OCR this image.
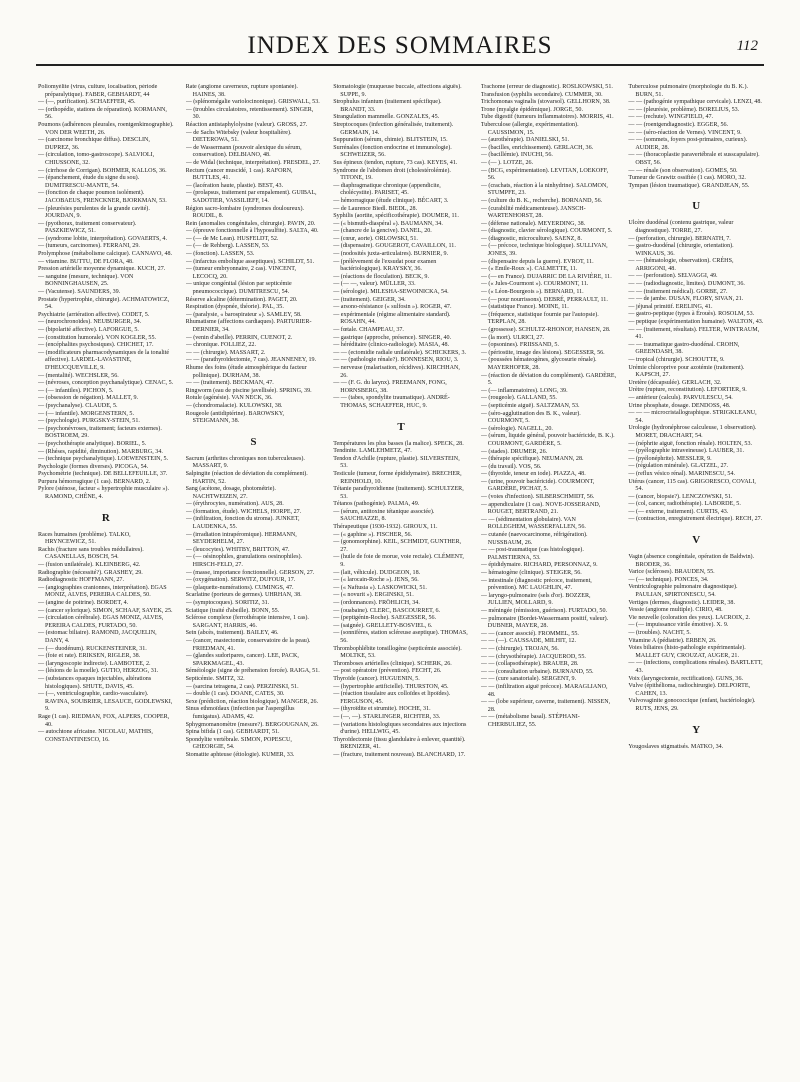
INDEX DES SOMMAIRES	112

Poliomyélite (virus, culture, localisation, période préparalytique). FABER, GEBHARDT, 44

— (—, purification). SCHAEFFER, 45.

— (orthopédie, stations de réparation). KORMANN, 56.

Poumons (adhérences pleurales, roentgenkimographie). VON DER WEETH, 26.

— (carcinome bronchique diffus). DESCLIN, DUPREZ, 36.

— (circulation, tomo-gastroscope). SALVIOLI, CHIUSSONE, 32.

— (cirrhose de Corrigan). BOHMER, KALLOS, 36.

— (épanchement, étude du signe du sou). DUMITRESCU-MANTE, 54.

— (fonction de chaque poumon isolément). JACOBAEUS, FRENCKNER, BJORKMAN, 53.

— (pleurésies purulentes de la grande cavité). JOURDAN, 9.

— (pyothorax, traitement conservateur). PASZKIEWICZ, 51.

— (syndrome lobite, interprétation). GOVAERTS, 4.

— (tumeurs, carcinomes). FERRANI, 29.

Prolymphose (métabolisme calcique). CANNAVO, 48.

— vitamine. BUTTU, DE FLORA, 48.

Pression artérielle moyenne dynamique. KUCH, 27.

— sanguine (mesure, technique). VON BONNINGHAUSEN, 25.

— (Vacutense). SAUNDERS, 39.

Prostate (hypertrophie, chirurgie). ACHMATOWICZ, 54.

Psychiatrie (arriération affective). CODET, 5.

— (neurochronoïdes). NEUBURGER, 34.

— (bipolarité affective). LAFORGUE, 5.

— (constitution humorale). VON KOGLER, 55.

— (encéphalites psychosiques). CHICHET, 17.

— (modificateurs pharmacodynamiques de la tonalité affective). LARDEL-LAVASTINE, D'HEUCQUEVILLE, 9.

— (mentalité). WECHSLER, 56.

— (névroses, conception psychanalytique). CENAC, 5.

— (— infantiles). PICHON, 5.

— (obsession de négation). MALLET, 9.

— (psychanalyse). CLAUDE, 5.

— (— infantile). MORGENSTERN, 5.

— (psychologie). PURGSKY-STEIN, 51.

— (psychonévroses, traitement; facteurs externes). BOSTROEM, 29.

— (psychothérapie analytique). BORIEL, 5.

— (Rhéses, rapidité, diminution). MARBURG, 34.

— (technique psychanalytique). LOEWENSTEIN, 5.

Psychologie (formes diverses). PICOGA, 54.

Psychométrie (technique). DE BELLEFEUILLE, 37.

Purpura hémorragique (1 cas). BERNARD, 2.

Pylore (sténose, facteur « hypertrophie musculaire »). RAMOND, CHÊNE, 4.

R

Races humaines (problème). TALKO, HRYNCEWICZ, 51.

Rachis (fracture sans troubles médullaires). CASANELLAS, BOSCH, 54.

— (fusion unilatérale). KLEINBERG, 42.

Radiographie (nécessité?). GRASHEY, 29.

Radiodiagnostic HOFFMANN, 27.

— (angiographies cranionnes, interprétation). EGAS MONIZ, ALVES, PEREIRA CALDES, 50.

— (angine de poitrine). BORDET, 4.

— (cancer sylorique). SIMON, SCHAAF, SAYEK, 25.

— (circulation cérébrale). EGAS MONIZ, ALVES, PEREIRA CALDES, FURTADO, 50.

— (estomac biliaire). RAMOND, JACQUELIN, DANY, 4.

— (— duodénum). RUCKENSTEINER, 31.

— (foie et rate). ERIKSEN, RIGLER, 38.

— (laryngoscopie indirecte). LAMBOTEE, 2.

— (lésions de la moelle). GUTIO, HERZOG, 31.

— (substances opaques injectables, altérations histologiques). SHUTE, DAVIS, 45.

— (—, ventriculographie, cardio-vasculaire). RAVINA, SOUBRIER, LESAUCE, GODLEWSKI, 9.

Rage (1 cas). RIEDMAN, FOX, ALPERS, COOPER, 40.

— autochtone africaine. NICOLAU, MATHIS, CONSTANTINESCO, 16.

Rate (angiome caverneux, rupture spontanée). HAINES, 38.

— (splénomégalie variolocinonique). GRISWALL, 53.

— (troubles circulatoires, retentissement). SINGER, 30.

Réaction antistaphylolysine (valeur). GROSS, 27.

— de Sachs Witebsky (valeur hospitalière). DIETEROWA, 51.

— de Wassermann (pouvoir alexique du sérum, conservation). DELBIANO, 48.

— de Widal (technique, interprétation). FRESDEL, 27.

Rectum (cancer muscidé, 1 cas). RAFORN, BUTTLES, 41.

— (lacération haute, plastie). BEST, 43.

— (prolapsus, traitement par empalement). GUIBAL, SADOTIER, VASSILIEFF, 14.

Région sacro-lombaire (syndromes douloureux). ROUDIL, 8.

Rein (anomalies congénitales, chirurgie). PAVIN, 20.

— (épreuve fonctionnelle à l'hyposulfite). SALTA, 40.

— (— de Mc Lean). HUSFELDT, 52.

— (— de Rehberg). LASSEN, 53.

— (fonction). LASSEN, 53.

— (infarctus embolique asseptiques). SCHILDT, 51.

— (tumeur embryonnaire, 2 cas). VINCENT, LECOCQ, 20.

— unique congénital (lésion par septicémie pneumococcique). DUMITRESCU, 54.

Réserve alcaline (détermination). PAGET, 20.

Respiration (dyspnée, théorie). PAL, 35.

— (paralysie, « barospirateur »). SAMLEY, 58.

Rhumatisme (affections cardiaques). PARTURIER-DERNIER, 34.

— (venin d'abeille). PERRIN, CUENOT, 2.

— chronique. FOLLIEZ, 22.

— — (chirurgie). MASSART, 2.

— — (parathyroïdectomie, 7 cas). JEANNENEY, 19.

Rhume des foins (étude atmosphérique du facteur pollinique). DURHAM, 38.

— — (traitement). BECKMAN, 47.

Ringworm (eau de piscine javellisée). SPRING, 39.

Rotule (agénésie). VAN NECK, 36.

— (chondromalacie). KULOWSKI, 38.

Rougeole (antidiptérine). BAROWSKY, STEIGMANN, 38.

S

Sacrum (arthrites chroniques non tuberculeuses). MASSART, 9.

Salpingite (réaction de déviation du complément). HARTIN, 52.

Sang (acétone, dosage, photométrie). NACHTWEIZEN, 27.

— (érythrocytes, numération). AUS, 28.

— (formation, étude). WICHELS, HORPE, 27.

— (infiltration, fonction du stroma). JUNKET, LAUDENKA, 55.

— (irradiation intrapéromique). HERMANN, SEYDERHELM, 27.

— (leucocytes). WHITBY, BRITTON, 47.

— (— oésinophiles, granulations oesinophiles). HIRSCH-FELD, 27.

— (masse, importance fonctionnelle). GERSON, 27.

— (oxygénation). SERWITZ, DUFOUR, 17.

— (plaquette-numérations). CUMINGS, 47.

Scarlatine (porteurs de germes). UHRHAN, 38.

— (symptocoques). SORITIZ, 31.

Sciatique (traité d'abeille). BONN, 55.

Sclérose complexe (ferrothérapie intensive, 1 cas). SARGANT, HARRIS, 46.

Sein (abcès, traitement). BAILEY, 46.

— (cancer, mastectomie, conservatoire de la peau). FRIEDMAN, 41.

— (glandes sudoripares, cancer). LEE, PACK, SPARKMAGEL, 43.

Séméiologie (signe de préhension forcée). RAIGA, 51.

Septicémie. SMITZ, 32.

— (sarcina tetragena, 2 cas). PERZINSKI, 51.

— double (1 cas). DOANE, CATES, 30.

Sexe (prédiction, réaction biologique). MANGER, 26.

Sinus ethmoïdaux (infection par l'aspergillus fumigatus). ADAMS, 42.

Sphygmomanomètre (mesure?). BERGOUGNAN, 26.

Spina bifida (1 cas). GEBHARDT, 51.

Spondylite vertébrale. SIMON, POPESCU, GHEORGIE, 54.

Stomatite aphteuse (étiologie). KUMER, 33.

Stomatologie (muqueuse buccale, affections aiguës). SUPPE, 9.

Strophulus infantum (traitement spécifique). BRANDT, 33.

Strangulation mammelle. GONZALES, 45.

Streptocoques (infection généralisée, traitement). GERMAIN, 14.

Suppuration (sérum, chimie). BLITSTEIN, 15.

Surrénales (fonction endocrine et immunologie). SCHWEIZER, 56.

Sus épineux (tendon, rupture, 73 cas). KEYES, 41.

Syndrome de l'abdomen droit (cholestérolémie). TITONE, 19.

— diaphragmatique chronique (appendicite, cholécystite). PARISET, 45.

— hémorragique (étude clinique). BÉCART, 3.

— de Laurence Biedl. BIEDL, 28.

Syphilis (aortite, spécificothérapie). DOUMER, 11.

— (« bismuth-diaspéral »). BAUMANN, 34.

— (chancre de la gencive). DANEL, 20.

— (cœur, aorte). ORLOWSKI, 51.

— (dispensaire). GOUGEROT, CAVAILLON, 11.

— (nodosités juxta-articulaires). BURNIER, 9.

— (prélèvement de l'exsudat pour examen bactériologique). KRAYSKY, 36.

— (réactions de floculation). BECK, 9.

— (— —, valeur). MÜLLER, 33.

— (sérologie). MILESHA-SEWOINICKA, 54.

— (traitement). GEIGER, 34.

— arsono-résistance (« sulfosin »). ROGER, 47.

— expérimentale (régime alimentaire standard). ROSAHN, 44.

— fœtale. CHAMPEAU, 37.

— gastrique (approche, présence). SINGER, 40.

— héréditaire (clinico-radiologie). MASIA, 48.

— — (ectomidie radiale unilatérale). SCHICKERS, 3.

— — (pathologie rénale?). BONNESEN, RIOU, 3.

— nerveuse (malarisation, récidives). KIRCHHAN, 26.

— — (F. G. du larynx). FREEMANN, FONG, HORNSBERG, 38.

— — (tabes, spondylite traumatique). ANDRÉ-THOMAS, SCHAEFFER, HUC, 9.

T

Températures les plus basses (la malice). SPECK, 28.

Tendinite. LAMLEHMETZ, 47.

Tendon d'Achille (rupture, plastie). SILVERSTEIN, 53.

Testicule (tumeur, forme épididymaire). BRECHER, REINHOLD, 10.

Tétanie parathyroïdienne (traitement). SCHULTZER, 53.

Tétanos (pathogénie). PALMA, 49.

— (sérum, antitoxine tétanique associée). SAUCHIAZZE, 8.

Thérapeutique (1930-1932). GIROUX, 11.

— (« gaphine »). FISCHER, 56.

— (gonomorphine). KEIL, SCHMIDT, GUNTHER, 27.

— (huile de foie de morue, voie rectale). CLÉMENT, 9.

— (lait, véhicule). DUDGEON, 18.

— (« larocain-Roche »). JENS, 56.

— (« Naftusia »). LASKOWICKI, 51.

— (« novurit »). ERGINSKI, 51.

— (ordonnances). FRÖHLICH, 34.

— (ouabaine). CLERC, BASCOURRET, 6.

— (peptigénin-Roche). SAEGESSER, 56.

— (saignée). GRELLETY-BOSVIEL, 6.

— (sonnifères, station scléreuse aseptique). THOMAS, 56.

Thrombophlébite tonsillogène (septicémie associée). MOLTKE, 53.

Thromboses artérielles (clinique). SCHERK, 26.

— post opératoire (prévention). FECHT, 26.

Thyroïde (cancer). HUGUENIN, 5.

— (hypertrophie artificielle). THURSTON, 45.

— (réaction tissulaire aux colloïdes et lipoïdes). FERGUSON, 45.

— (thyroïdite et strumite). HOCHE, 31.

— (—, —). STARLINGER, RICHTER, 33.

— (variations histologiques secondaires aux injections d'urine). HELLWIG, 45.

Thyroïdectomie (tissu glandulaire à enlever, quantité). BRENIZER, 41.

— (fracture, traitement nouveau). BLANCHARD, 17.

Trachome (erreur de diagnostic). ROSLKOWSKI, 51.

Transfusion (syphilis secondaire). CUMMER, 30.

Trichomonas vaginalis (stovarsol). GELLHORN, 38.

Trone (myalgie épidémique). JORGE, 50.

Tube digestif (tumeurs inflammatoires). MORRIS, 41.

Tuberculose (allergie, expérimentation). CAUSSIMON, 15.

— (aurothérapie). DANIELSKI, 51.

— (bacilles, enrichissement). GERLACH, 36.

— (bacillémie). INUCHI, 56.

— (— ). LOTZE, 26.

— (BCG, expérimentation). LEVITAN, LOEKOFF, 56.

— (crachats, réaction à la ninhydrine). SALOMON, STUMPFE, 23.

— (culture du B. K., recherche). BORNAND, 56.

— (curabilité médicamenteuse). JANSCH-WARTENHORST, 28.

— (défense nationale). MEYERDING, 38.

— (diagnostic, clavier sérologique). COURMONT, 5.

— (diagnostic, microculture). SAENZ, 8.

— (— précoce, technique biologique). SULLIVAN, JONES, 39.

— (dispensaire depuis la guerre). EVROT, 11.

— (« Emile-Roux »). CALMETTE, 11.

— (— en France). DUJARRIC DE LA RIVIÈRE, 11.

— (« Jules-Courmont »). COURMONT, 11.

— (« Léon-Bourgeois »). BERNARD, 11.

— (— pour nourrissons). DEBRÉ, PERRAULT, 11.

— (statistique France). MOINE, 11.

— (fréquence, statistique fournie par l'autopsie). TERPLAN, 28.

— (grossesse). SCHULTZ-RHONOF, HANSEN, 28.

— (la mort). ULRICI, 27.

— (opsonines). FRIISSAND, 5.

— (périostite, image des lésions). SEGESSER, 56.

— (poussées hémateogènes, glycosurie rénale). MAYERHOFER, 28.

— (réaction de déviation du complément). GARDÈRE, 5.

— (— inflammatoires). LONG, 39.

— (rougeole). GALLAND, 55.

— (septicémie aiguë). SALTZMAN, 53.

— (séro-agglutination des B. K., valeur). COURMONT, 5.

— (sérologie). NAGELL, 20.

— (sérum, liquide général, pouvoir bactéricide, B. K.). COURMONT, GARDÈRE, 5.

— (stades). DRUMER, 26.

— (thérapie spécifique). NEUMANN, 28.

— (du travail). VOS, 56.

— (thyroïde, teneur en iode). PIAZZA, 48.

— (urine, pouvoir bactéricide). COURMONT, GARDÈRE, PICHAT, 5.

— (voies d'infection). SILBERSCHMIDT, 56.

— appendiculaire (1 cas). NOVE-JOSSERAND, ROUGET, BERTRAND, 21.

— — (sédimentation globulaire). VAN ROLLEGHEM, WASSERFALLEN, 56.

— cutanée (naevocarcinome, réfrigération). NUSSBAUM, 26.

— — post-traumatique (cas histologique). PALMSTIERNA, 53.

— épididymaire. RICHARD, PERSONNAZ, 9.

— hématogène (clinique). STEIGER, 56.

— intestinale (diagnostic précoce, traitement, prévention). MC LAUGHLIN, 47.

— laryngo-pulmonaire (sels d'or). BOZZER, JULLIEN, MOLLARD, 9.

— méningée (rémission, guérison). FURTADO, 50.

— pulmonaire (Bordet-Wassermann positif, valeur). DUBNER, MAYER, 28.

— — (cancer associé). FROMMEL, 55.

— — (—). CAUSSADE, MILHIT, 12.

— — (chirurgie). TROJAN, 56.

— — (chrysothérapie). JACQUEROD, 55.

— — (collapsothérapie). BRAUER, 28.

— — (consultation urbaine). BURNAND, 55.

— — (cure sanatoriale). SERGENT, 9.

— — (infiltration aiguë précoce). MARAGLIANO, 48.

— — (lobe supérieur, caverne, traitement). NISSEN, 28.

— — (métabolisme basal). STÉPHANI-CHERBULIEZ, 55.

Tuberculose pulmonaire (morphologie du B. K.). BURN, 51.

— — (pathogénie sympathique cervicale). LENZI, 48.

— — (pleurésie, problème). BORELIUS, 53.

— — (rechute). WINGFIELD, 47.

— — (roentgendiagnostic). EGGER, 56.

— — (séro-réaction de Vernes). VINCENT, 9.

— — (sommets, foyers post-primaires, curieux). AUDIER, 28.

— — (thoracoplastie paravertébrale et susscapulaire). OBST, 56.

— — rénale (son observation). GOMES, 50.

Tumeur de Grawitz ossifiée (1 cas). MORO, 32.

Tympan (lésion traumatique). GRANDJEAN, 55.

U

Ulcère duodénal (contenu gastrique, valeur diagnostique). TORRE, 27.

— (perforation, chirurgie). BERNATH, 7.

— gastro-duodénal (chirurgie, orientation). WINKAUS, 36.

— — (hématologie, observation). CRÉHS, ARRIGONI, 48.

— — (perforation). SELVAGGI, 49.

— — (radiodiagnostic, limites). DUMONT, 36.

— — (traitement médical). GORBE, 27.

— — de jambe. DUSAN, FLORY, SIVAN, 21.

— jéjunal primitif. ERELING, 41.

— gastro-peptique (types à Érouès). ROSOLM, 53.

— peptique (expérimentation humaine). WALTON, 43.

— — (traitement, résultats). FELTER, WINTRAUM, 41.

— — traumatique gastro-duodénal. CROHN, GREENDASH, 38.

— tropical (chirurgie). SCHOUTTE, 9.

Urémie chloroprive pour azotémie (traitement). KAPSCH, 27.

Uretère (décapsulée). GERLACH, 32.

Urètre (rupture, reconstitution). LEFORTIER, 9.

— antérieur (calculs). PARVULESCU, 54.

Urine phosphate, dosage. DENDOSS, 48.

— — — microcristallographique. STRIGKLEANU, 54.

Urologie (hydronéphrose calculeuse, 1 observation). MORET, DRACHART, 54.

— (néphrite aiguë, fonction rénale). HOLTEN, 53.

— (pyélographie intraveineuse). LAUBER, 31.

— (pyélonéphrite). MESSLER, 9.

— (régulation minérale). GLATZEL, 27.

— (reflux vésico rénal). MARINESCU, 54.

Utérus (cancer, 115 cas). GRIGORESCO, COVALI, 54.

— (cancer, biopsie?). LENCZOWSKI, 51.

— (col, cancer, radiothérapie). LABORDE, 5.

— (— externe, traitement). CURTIS, 43.

— (contraction, enregistrement électrique). RECH, 27.

V

Vagin (absence congénitale, opération de Baldwin). BRODER, 36.

Varice (scléroses). BRAUDEN, 55.

— (— technique). PONCES, 34.

Ventriculographie pulmonaire diagnostique). PAULIAN, SPIRTONESCU, 54.

Vertiges (dermes, diagnostic). LEIDER, 38.

Vessie (angiome multiple). CIRIO, 48.

Vie neuvelle (coloration des yeux). LACROIX, 2.

— (— impuissance virile émotive). X. 9.

— (troubles). NACHT, 5.

Vitamine A (pédiatrie). ERBEN, 26.

Voies biliaires (histo-pathologie expérimentale). MALLET GUY, CROUZAT, AUGER, 21.

— — (infections, complications rénales). BARTLETT, 43.

Voix (laryngectomie, rectification). GUNS, 36.

Vulve (épithélioma, radiochirurgie). DELPORTE, CAHEN, 13.

Vulvovaginite gonococcique (enfant, bactériologie). RUTS, JENS, 29.

Y

Yougoslaves stigmatisés. MATKO, 34.
